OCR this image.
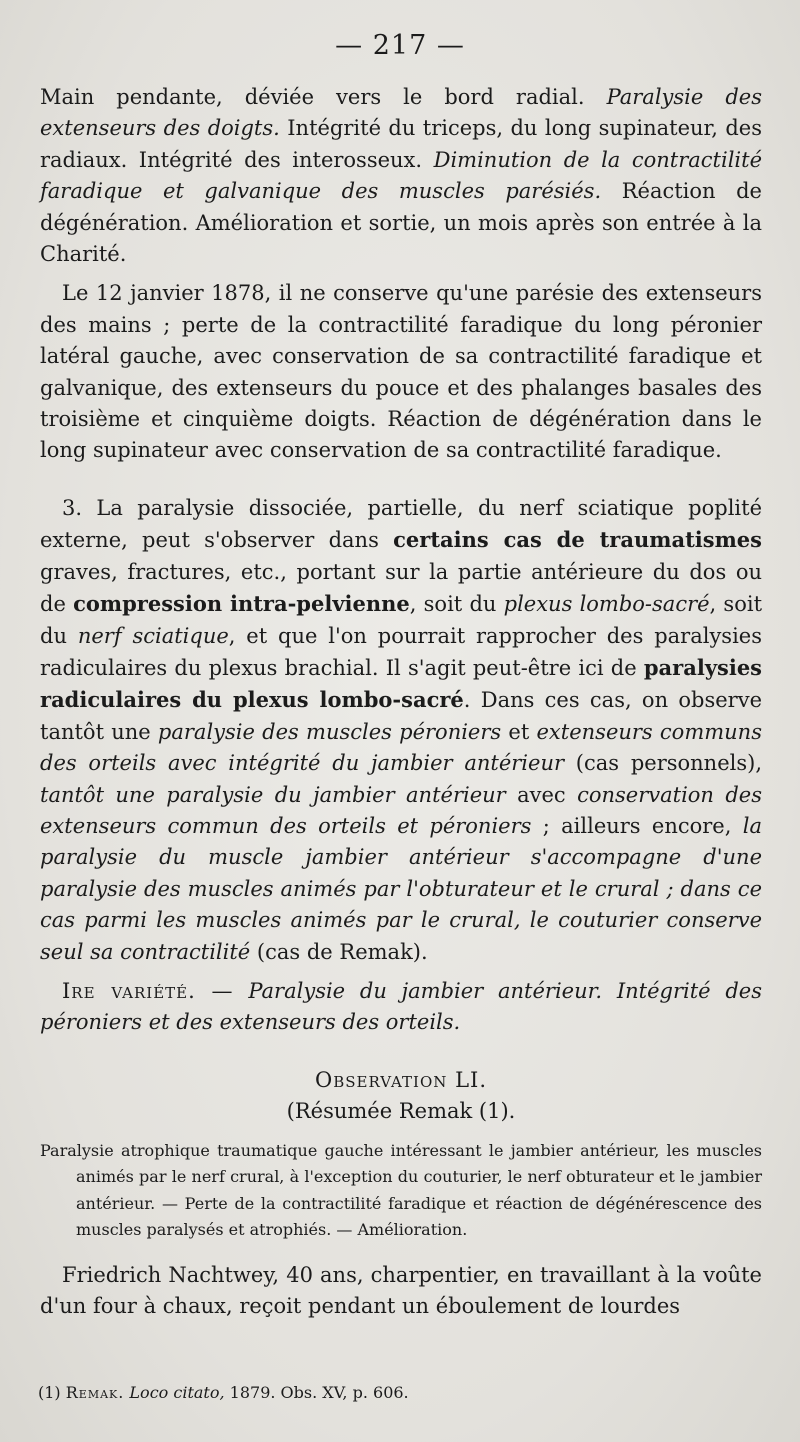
— 217 —

Main pendante, déviée vers le bord radial. Paralysie des extenseurs des doigts. Intégrité du triceps, du long supinateur, des radiaux. Intégrité des interosseux. Diminution de la contractilité faradique et galvanique des muscles parésiés. Réaction de dégénération. Amélioration et sortie, un mois après son entrée à la Charité.

Le 12 janvier 1878, il ne conserve qu'une parésie des extenseurs des mains ; perte de la contractilité faradique du long péronier latéral gauche, avec conservation de sa contractilité faradique et galvanique, des extenseurs du pouce et des phalanges basales des troisième et cinquième doigts. Réaction de dégénération dans le long supinateur avec conservation de sa contractilité faradique.

3. La paralysie dissociée, partielle, du nerf sciatique poplité externe, peut s'observer dans certains cas de traumatismes graves, fractures, etc., portant sur la partie antérieure du dos ou de compression intra-pelvienne, soit du plexus lombo-sacré, soit du nerf sciatique, et que l'on pourrait rapprocher des paralysies radiculaires du plexus brachial. Il s'agit peut-être ici de paralysies radiculaires du plexus lombo-sacré. Dans ces cas, on observe tantôt une paralysie des muscles péroniers et extenseurs communs des orteils avec intégrité du jambier antérieur (cas personnels), tantôt une paralysie du jambier antérieur avec conservation des extenseurs commun des orteils et péroniers ; ailleurs encore, la paralysie du muscle jambier antérieur s'accompagne d'une paralysie des muscles animés par l'obturateur et le crural ; dans ce cas parmi les muscles animés par le crural, le couturier conserve seul sa contractilité (cas de Remak).

Ire variété. — Paralysie du jambier antérieur. Intégrité des péroniers et des extenseurs des orteils.

Observation LI.

(Résumée Remak (1).

Paralysie atrophique traumatique gauche intéressant le jambier antérieur, les muscles animés par le nerf crural, à l'exception du couturier, le nerf obturateur et le jambier antérieur. — Perte de la contractilité faradique et réaction de dégénérescence des muscles paralysés et atrophiés. — Amélioration.

Friedrich Nachtwey, 40 ans, charpentier, en travaillant à la voûte d'un four à chaux, reçoit pendant un éboulement de lourdes

(1) Remak. Loco citato, 1879. Obs. XV, p. 606.
